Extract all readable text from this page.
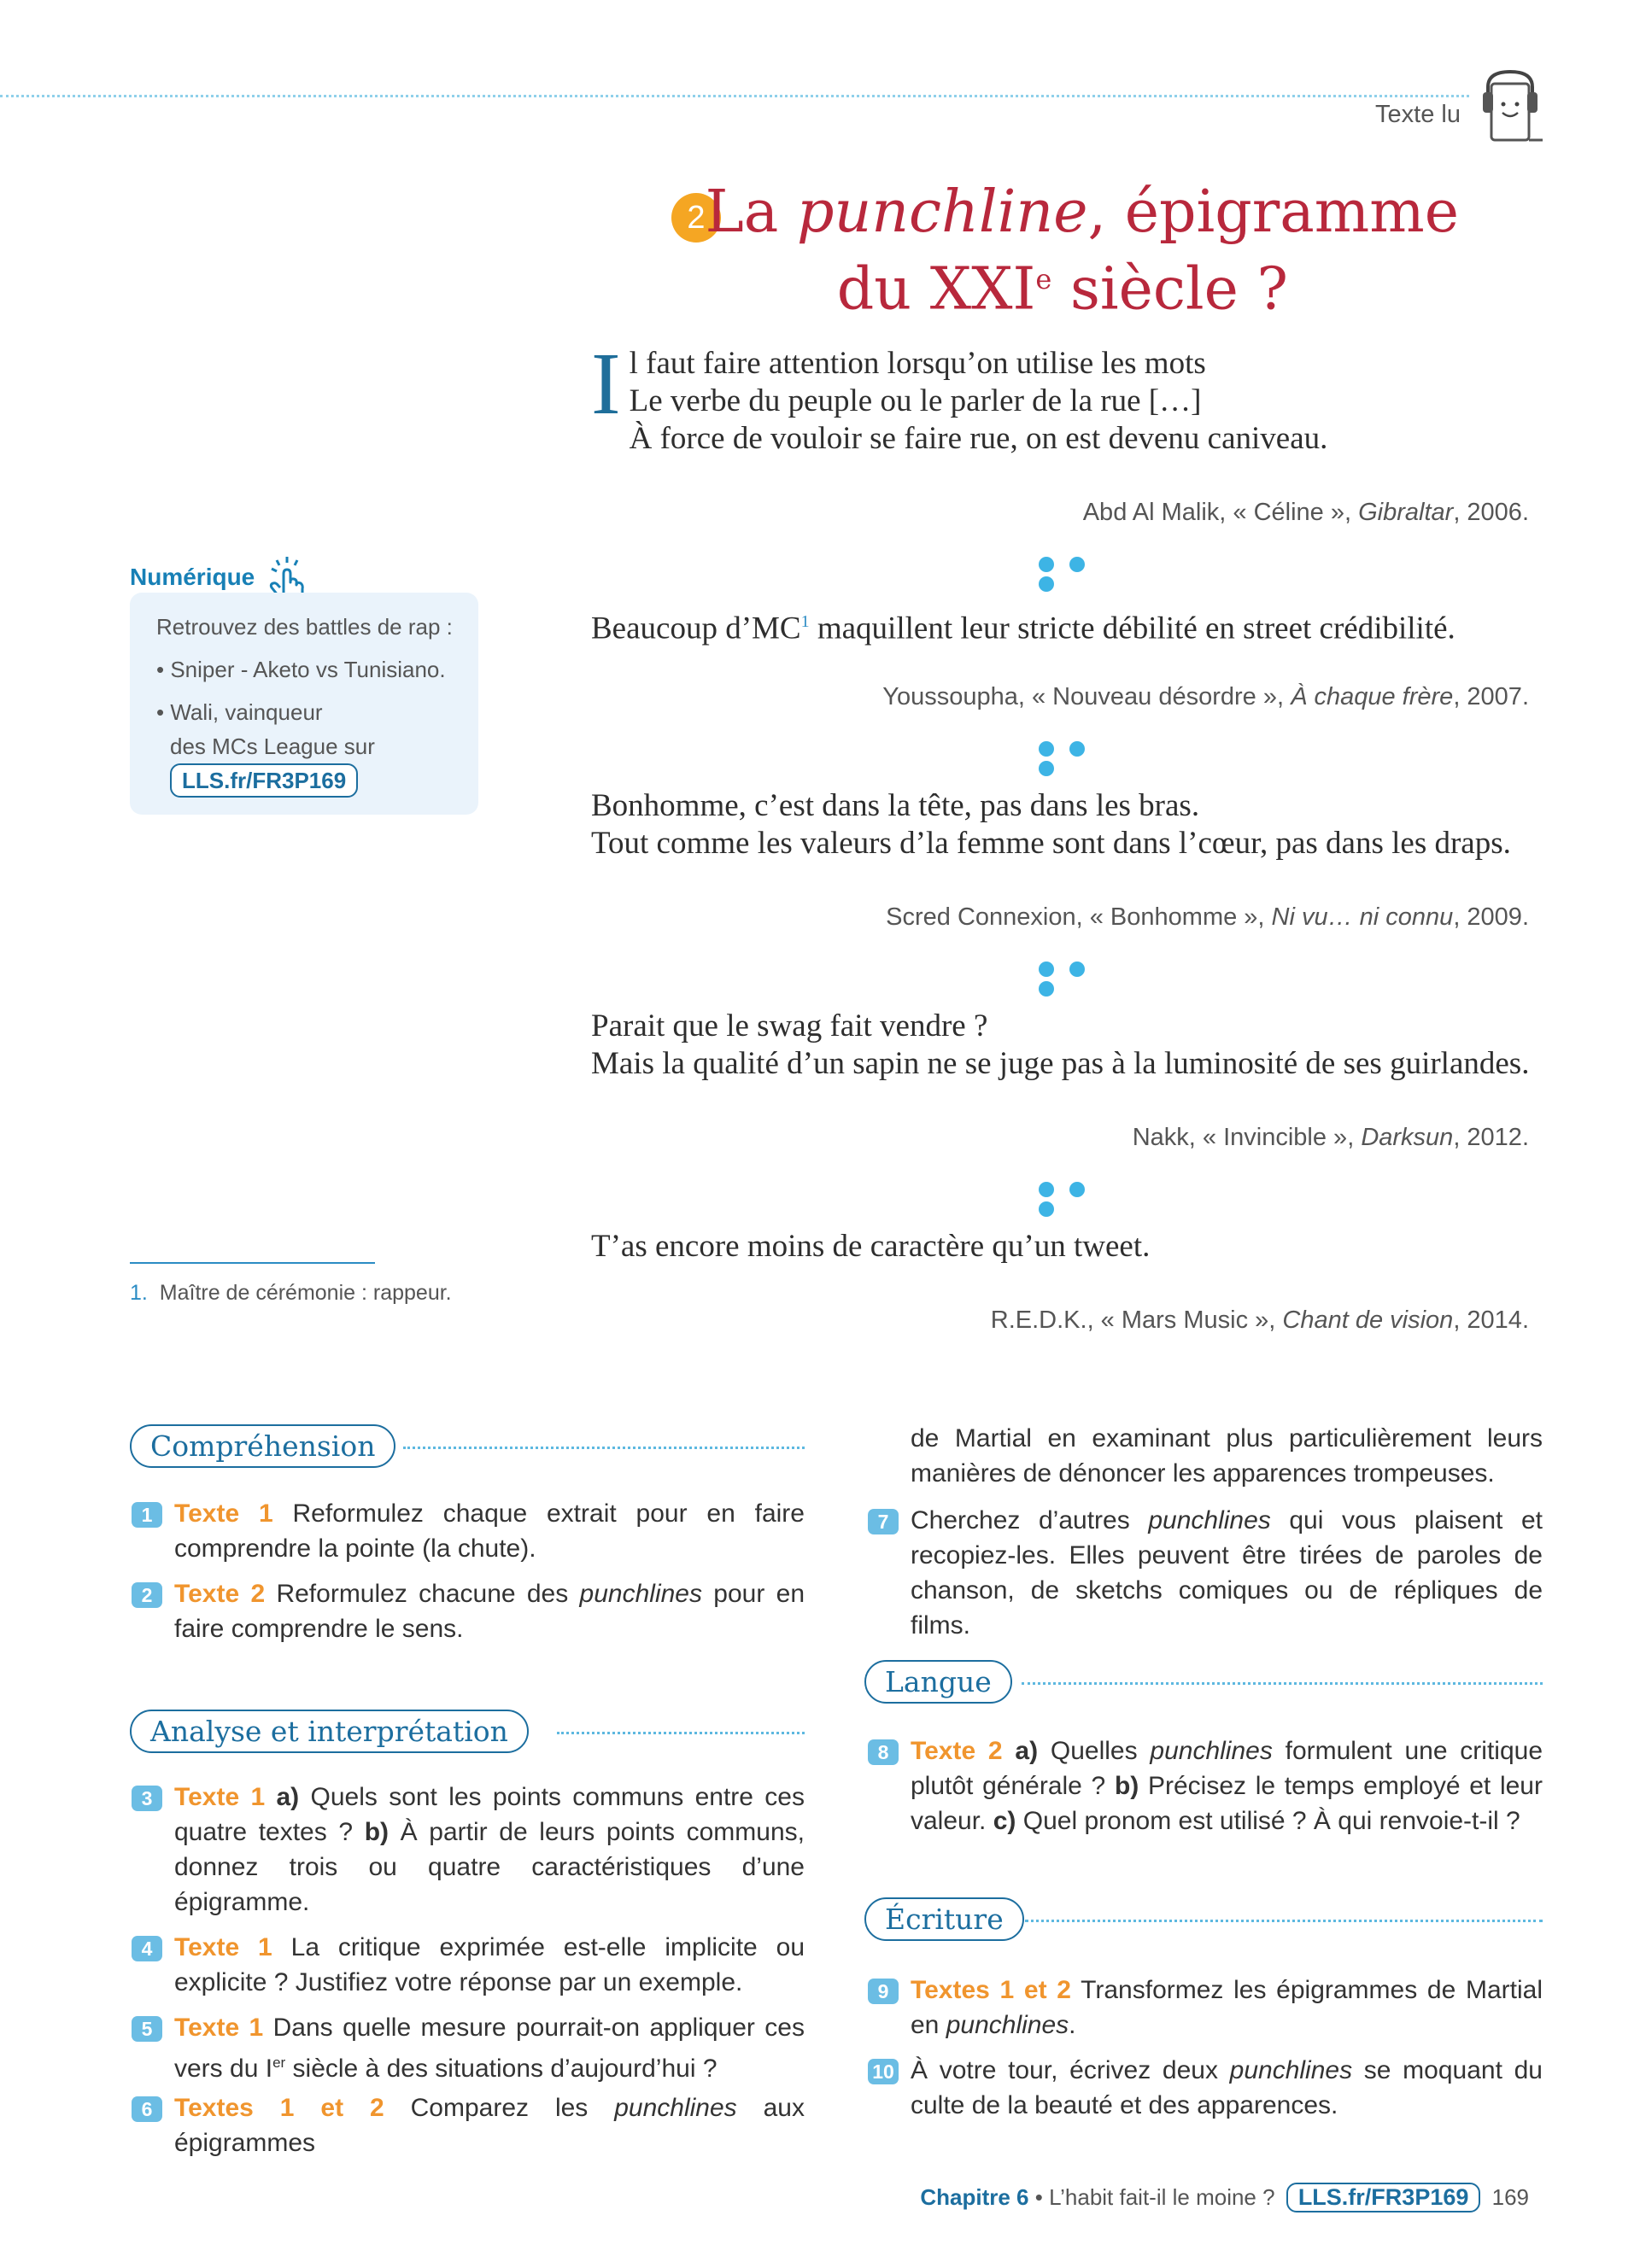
Texte lu
2 La punchline, épigramme
du XXIe siècle ?
I l faut faire attention lorsqu’on utilise les mots
Le verbe du peuple ou le parler de la rue […]
À force de vouloir se faire rue, on est devenu caniveau.
Abd Al Malik, « Céline », Gibraltar, 2006.
Beaucoup $d’MC^1$ maquillent leur stricte débilité en street crédibilité.
Youssoupha, « Nouveau désordre », À chaque frère, 2007.
Bonhomme, c’est dans la tête, pas dans les bras.
Tout comme les valeurs d’la femme sont dans l’cœur, pas dans les draps.
Scred Connexion, « Bonhomme », Ni vu… ni connu, 2009.
Parait que le swag fait vendre ?
Mais la qualité d’un sapin ne se juge pas à la luminosité de ses guirlandes.
Nakk, « Invincible », Darksun, 2012.
T’as encore moins de caractère qu’un tweet.
R.E.D.K., « Mars Music », Chant de vision, 2014.
Numérique
Retrouvez des battles de rap :
• Sniper - Aketo vs Tunisiano.
• Wali, vainqueur
des MCs League sur
LLS.fr/FR3P169
1. Maître de cérémonie : rappeur.
Compréhension
1 Texte 1 Reformulez chaque extrait pour en faire comprendre la pointe (la chute).
2 Texte 2 Reformulez chacune des punchlines pour en faire comprendre le sens.
Analyse et interprétation
3 Texte 1 a) Quels sont les points communs entre ces quatre textes ? b) À partir de leurs points communs, donnez trois ou quatre caractéristiques d’une épigramme.
4 Texte 1 La critique exprimée est-elle implicite ou explicite ? Justifiez votre réponse par un exemple.
5 Texte 1 Dans quelle mesure pourrait-on appliquer ces vers du Ier siècle à des situations d’aujourd’hui ?
6 Textes 1 et 2 Comparez les punchlines aux épigrammes
de Martial en examinant plus particulièrement leurs manières de dénoncer les apparences trompeuses.
7 Cherchez d’autres punchlines qui vous plaisent et recopiez-les. Elles peuvent être tirées de paroles de chanson, de sketchs comiques ou de répliques de films.
Langue
8 Texte 2 a) Quelles punchlines formulent une critique plutôt générale ? b) Précisez le temps employé et leur valeur. c) Quel pronom est utilisé ? À qui renvoie-t-il ?
Écriture
9 Textes 1 et 2 Transformez les épigrammes de Martial en punchlines.
10 À votre tour, écrivez deux punchlines se moquant du culte de la beauté et des apparences.
Chapitre 6 • L’habit fait-il le moine ? LLS.fr/FR3P169 169
